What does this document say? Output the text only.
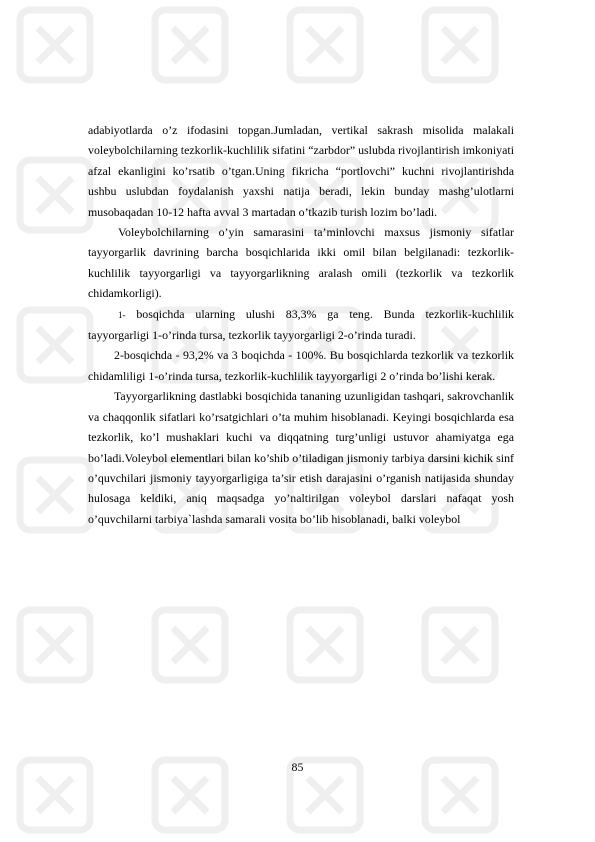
adabiyotlarda o’z ifodasini topgan.Jumladan, vertikal sakrash misolida malakali voleybolchilarning tezkorlik-kuchlilik sifatini “zarbdor” uslubda rivojlantirish imkoniyati afzal ekanligini ko’rsatib o’tgan.Uning fikricha “portlovchi” kuchni rivojlantirishda ushbu uslubdan foydalanish yaxshi natija beradi, lekin bunday mashg’ulotlarni musobaqadan 10-12 hafta avval 3 martadan o’tkazib turish lozim bo’ladi.

Voleybolchilarning o’yin samarasini ta’minlovchi maxsus jismoniy sifatlar tayyorgarlik davrining barcha bosqichlarida ikki omil bilan belgilanadi: tezkorlik-kuchlilik tayyorgarligi va tayyorgarlikning aralash omili (tezkorlik va tezkorlik chidamkorligi).

1- bosqichda ularning ulushi 83,3% ga teng. Bunda tezkorlik-kuchlilik tayyorgarligi 1-o’rinda tursa, tezkorlik tayyorgarligi 2-o’rinda turadi.

2-bosqichda - 93,2% va 3 boqichda - 100%. Bu bosqichlarda tezkorlik va tezkorlik chidamliligi 1-o’rinda tursa, tezkorlik-kuchlilik tayyorgarligi 2 o’rinda bo’lishi kerak.

Tayyorgarlikning dastlabki bosqichida tananing uzunligidan tashqari, sakrovchanlik va chaqqonlik sifatlari ko’rsatgichlari o’ta muhim hisoblanadi. Keyingi bosqichlarda esa tezkorlik, ko’l mushaklari kuchi va diqqatning turg’unligi ustuvor ahamiyatga ega bo’ladi.Voleybol elementlari bilan ko’shib o’tiladigan jismoniy tarbiya darsini kichik sinf o’quvchilari jismoniy tayyorgarligiga ta’sir etish darajasini o’rganish natijasida shunday hulosaga keldiki, aniq maqsadga yo’naltirilgan voleybol darslari nafaqat yosh o’quvchilarni tarbiya`lashda samarali vosita bo’lib hisoblanadi, balki voleybol

85
